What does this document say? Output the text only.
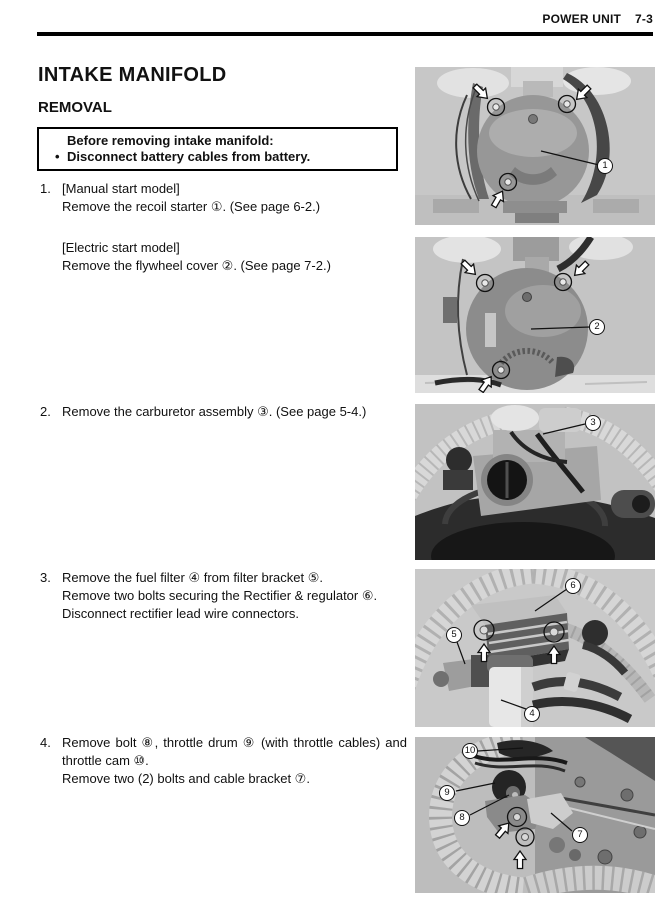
POWER UNIT 7-3
INTAKE MANIFOLD
REMOVAL

Before removing intake manifold:

• Disconnect battery cables from battery.

1. [Manual start model]

Remove the recoil starter ①. (See page 6-2.)

[Electric start model]

Remove the flywheel cover ②. (See page 7-2.)

2. Remove the carburetor assembly ③. (See page 5-4.)

3. Remove the fuel filter ④ from filter bracket ⑤.

Remove two bolts securing the Rectifier & regulator ⑥.

Disconnect rectifier lead wire connectors.

4. Remove bolt ⑧, throttle drum ⑨ (with throttle cables) and

throttle cam ⑩.

Remove two (2) bolts and cable bracket ⑦.

1
2
3
5
6
4
10
9
8
7
